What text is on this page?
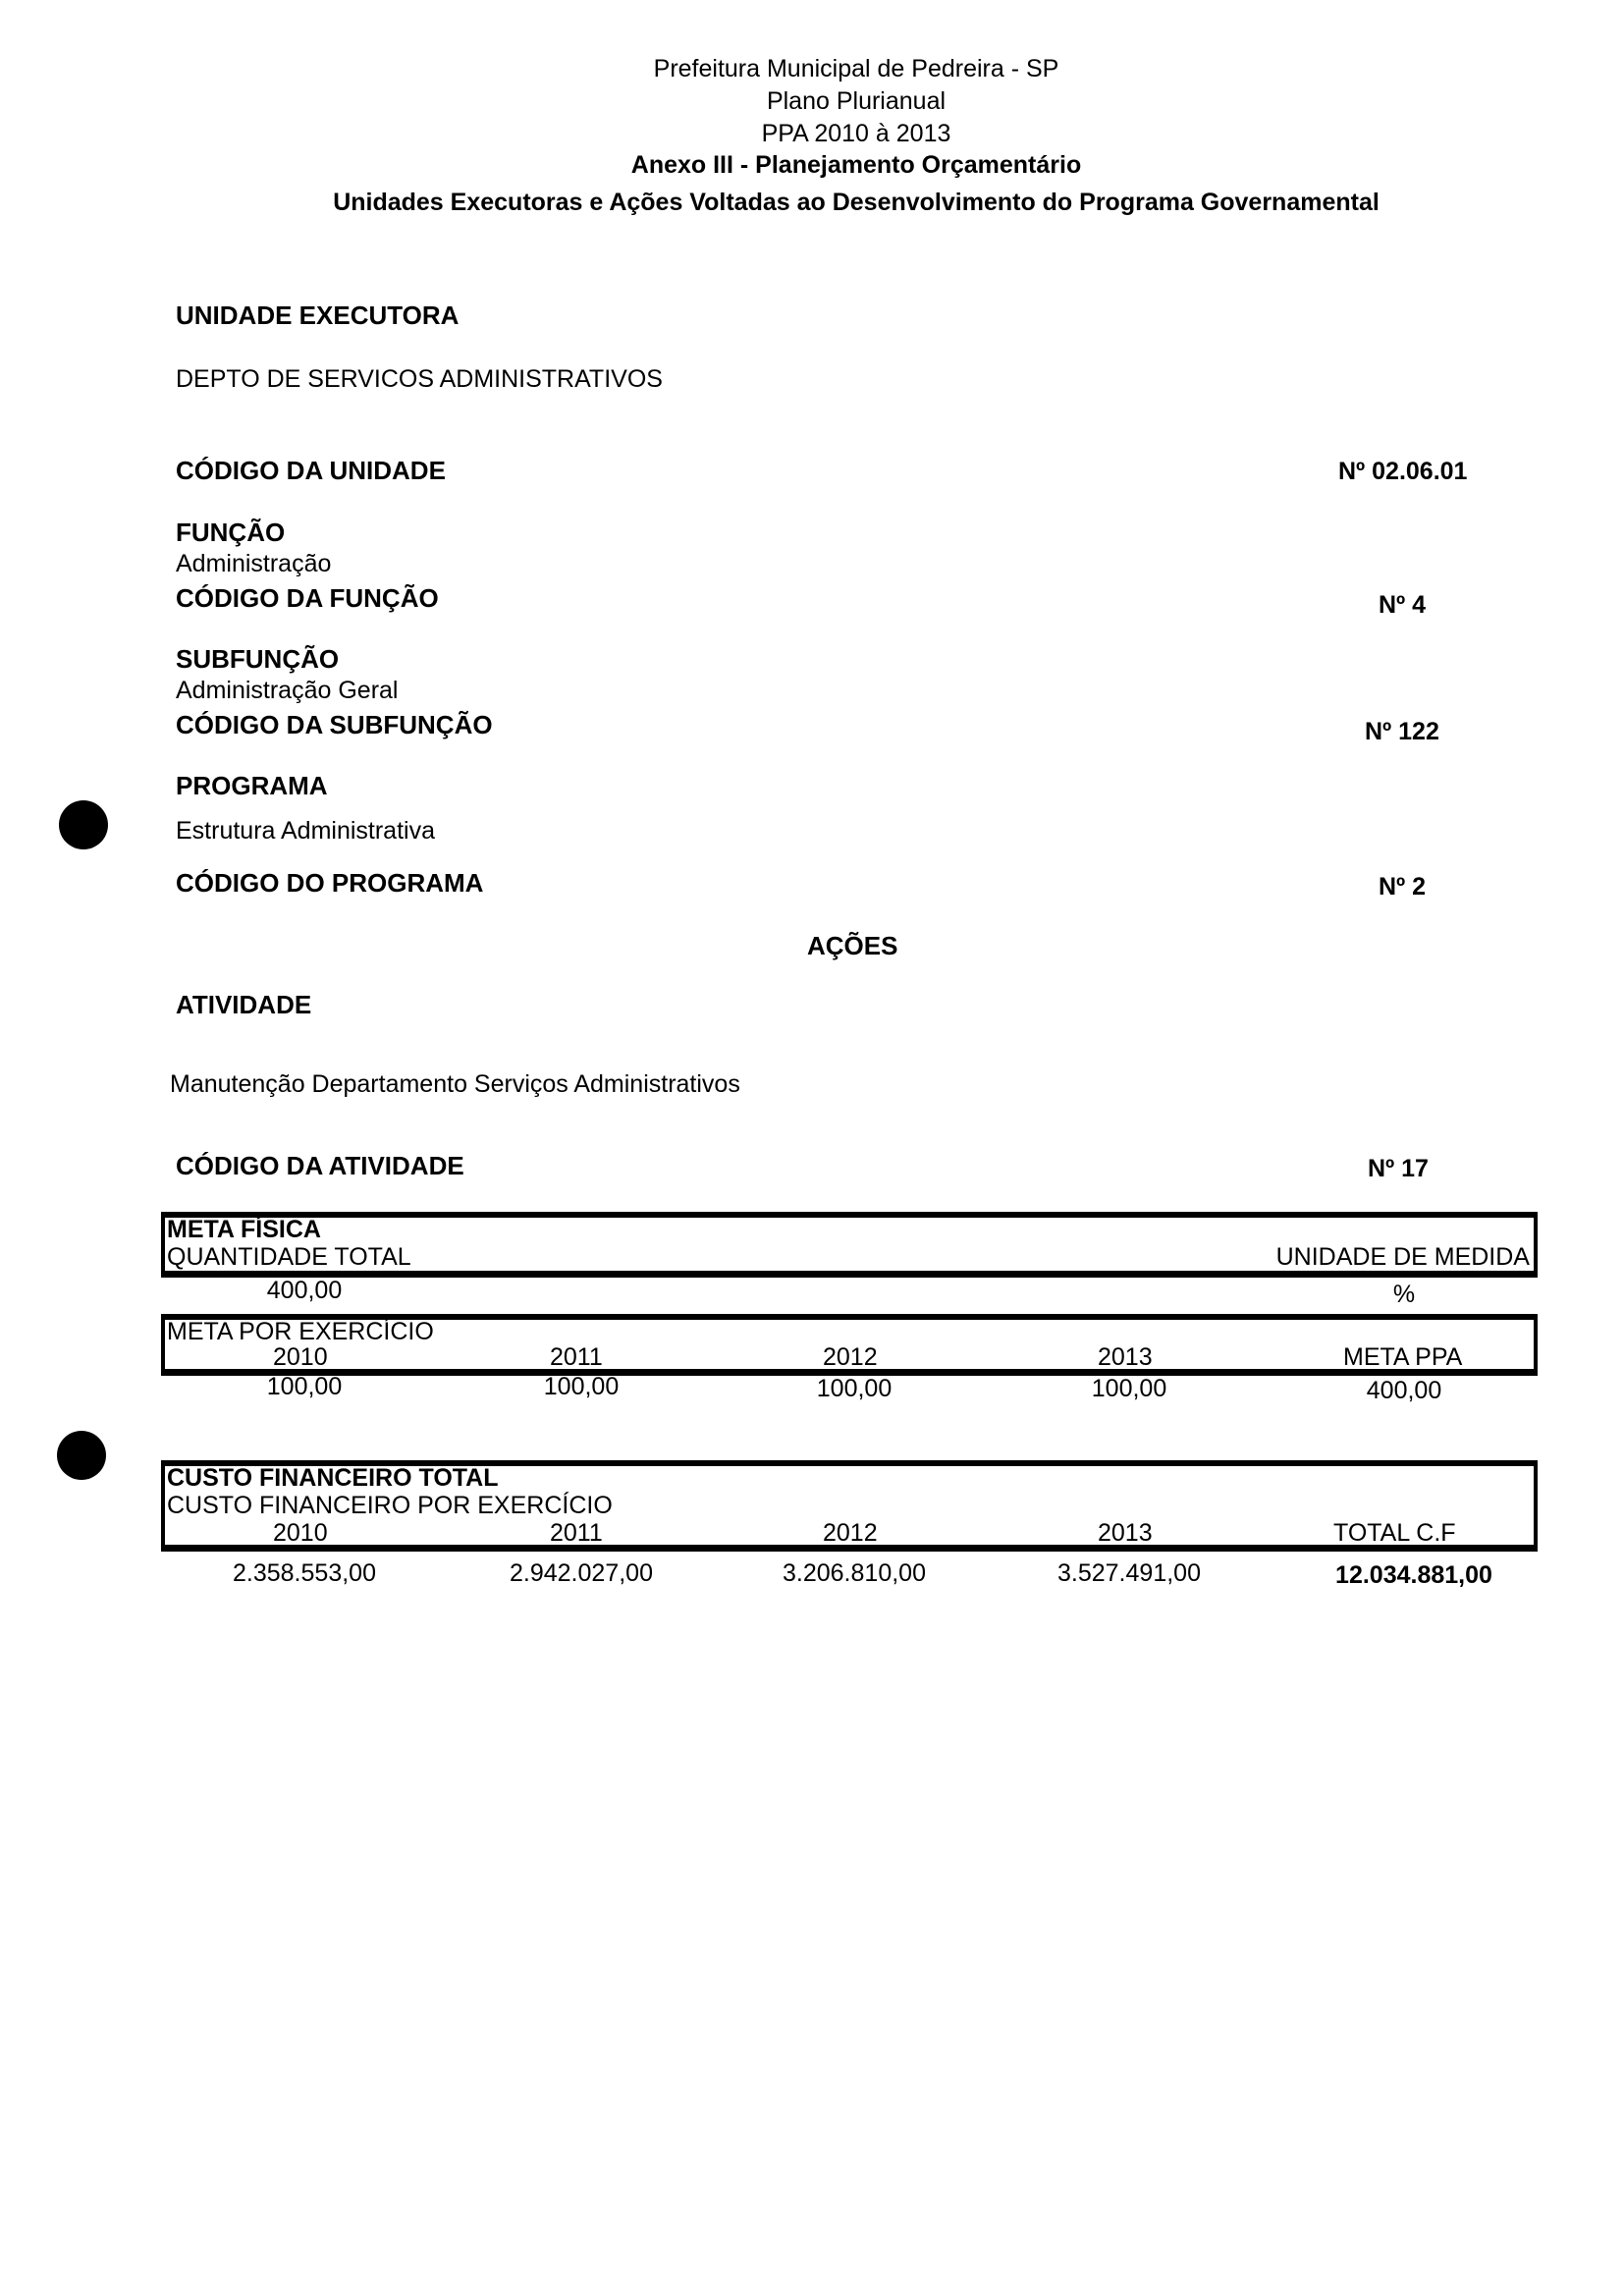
Prefeitura Municipal de Pedreira - SP
Plano Plurianual
PPA 2010 à 2013
Anexo III - Planejamento Orçamentário
Unidades Executoras e Ações Voltadas ao Desenvolvimento do Programa Governamental
UNIDADE EXECUTORA
DEPTO DE SERVICOS ADMINISTRATIVOS
CÓDIGO DA UNIDADE	Nº 02.06.01
FUNÇÃO
Administração
CÓDIGO DA FUNÇÃO	Nº 4
SUBFUNÇÃO
Administração Geral
CÓDIGO DA SUBFUNÇÃO	Nº 122
PROGRAMA
Estrutura Administrativa
CÓDIGO DO PROGRAMA	Nº 2
AÇÕES
ATIVIDADE
Manutenção Departamento Serviços Administrativos
CÓDIGO DA ATIVIDADE	Nº 17
META FÍSICA
QUANTIDADE TOTAL	UNIDADE DE MEDIDA
400,00	%
META POR EXERCÍCIO
2010	2011	2012	2013	META PPA
100,00	100,00	100,00	100,00	400,00
CUSTO FINANCEIRO TOTAL
CUSTO FINANCEIRO POR EXERCÍCIO
2010	2011	2012	2013	TOTAL C.F
2.358.553,00	2.942.027,00	3.206.810,00	3.527.491,00	12.034.881,00
